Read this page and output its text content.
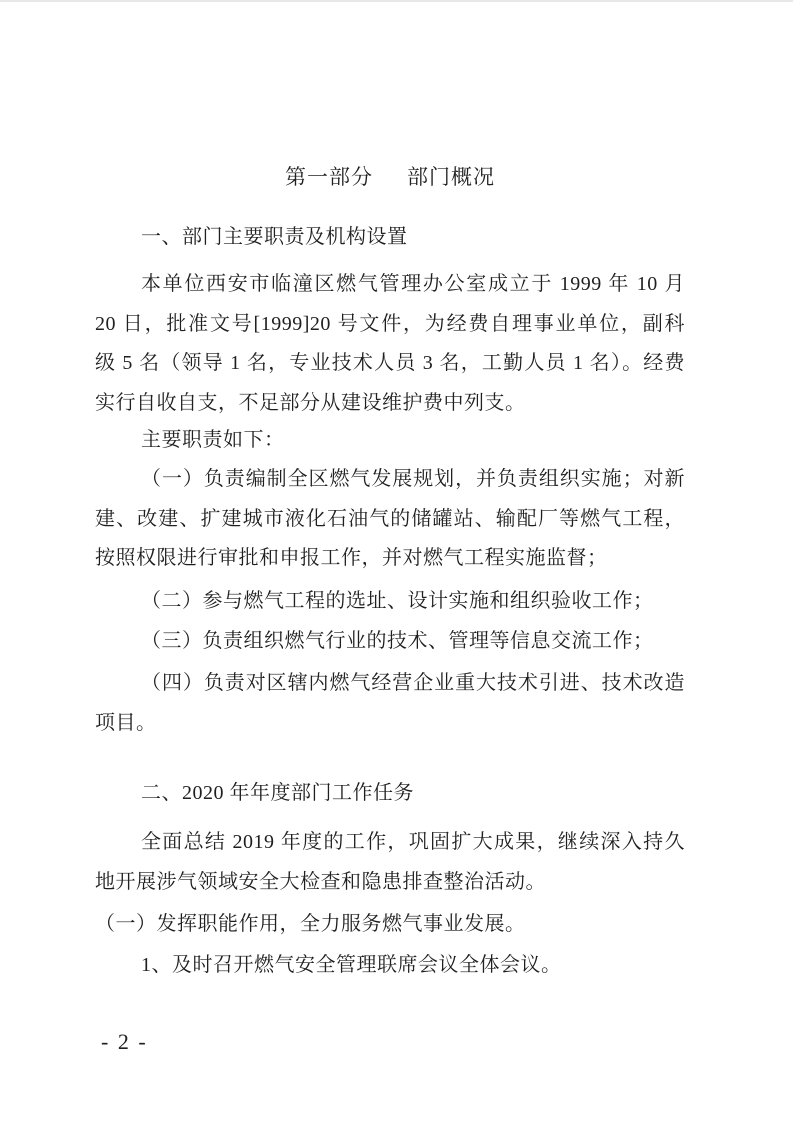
第一部分 部门概况
一、部门主要职责及机构设置
本单位西安市临潼区燃气管理办公室成立于 1999 年 10 月
20 日，批准文号[1999]20 号文件，为经费自理事业单位，副科
级 5 名（领导 1 名，专业技术人员 3 名，工勤人员 1 名）。经费
实行自收自支，不足部分从建设维护费中列支。
主要职责如下：
（一）负责编制全区燃气发展规划，并负责组织实施；对新
建、改建、扩建城市液化石油气的储罐站、输配厂等燃气工程，
按照权限进行审批和申报工作，并对燃气工程实施监督；
（二）参与燃气工程的选址、设计实施和组织验收工作；
（三）负责组织燃气行业的技术、管理等信息交流工作；
（四）负责对区辖内燃气经营企业重大技术引进、技术改造
项目。
二、2020 年年度部门工作任务
全面总结 2019 年度的工作，巩固扩大成果，继续深入持久
地开展涉气领域安全大检查和隐患排查整治活动。
（一）发挥职能作用，全力服务燃气事业发展。
1、及时召开燃气安全管理联席会议全体会议。
- 2 -
